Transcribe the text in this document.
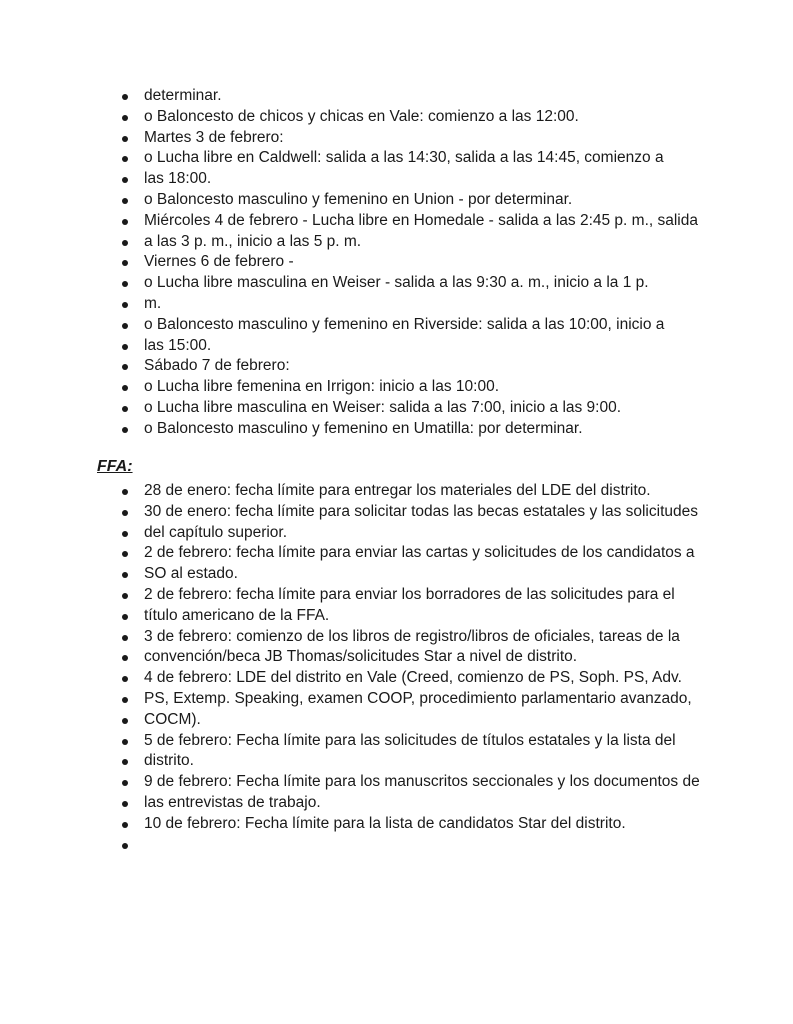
determinar.
o Baloncesto de chicos y chicas en Vale: comienzo a las 12:00.
Martes 3 de febrero:
o Lucha libre en Caldwell: salida a las 14:30, salida a las 14:45, comienzo a
las 18:00.
o Baloncesto masculino y femenino en Union - por determinar.
Miércoles 4 de febrero - Lucha libre en Homedale - salida a las 2:45 p. m., salida
a las 3 p. m., inicio a las 5 p. m.
Viernes 6 de febrero -
o Lucha libre masculina en Weiser - salida a las 9:30 a. m., inicio a la 1 p.
m.
o Baloncesto masculino y femenino en Riverside: salida a las 10:00, inicio a
las 15:00.
Sábado 7 de febrero:
o Lucha libre femenina en Irrigon: inicio a las 10:00.
o Lucha libre masculina en Weiser: salida a las 7:00, inicio a las 9:00.
o Baloncesto masculino y femenino en Umatilla: por determinar.
FFA:
28 de enero: fecha límite para entregar los materiales del LDE del distrito.
30 de enero: fecha límite para solicitar todas las becas estatales y las solicitudes
del capítulo superior.
2 de febrero: fecha límite para enviar las cartas y solicitudes de los candidatos a
SO al estado.
2 de febrero: fecha límite para enviar los borradores de las solicitudes para el
título americano de la FFA.
3 de febrero: comienzo de los libros de registro/libros de oficiales, tareas de la
convención/beca JB Thomas/solicitudes Star a nivel de distrito.
4 de febrero: LDE del distrito en Vale (Creed, comienzo de PS, Soph. PS, Adv.
PS, Extemp. Speaking, examen COOP, procedimiento parlamentario avanzado,
COCM).
5 de febrero: Fecha límite para las solicitudes de títulos estatales y la lista del
distrito.
9 de febrero: Fecha límite para los manuscritos seccionales y los documentos de
las entrevistas de trabajo.
10 de febrero: Fecha límite para la lista de candidatos Star del distrito.
